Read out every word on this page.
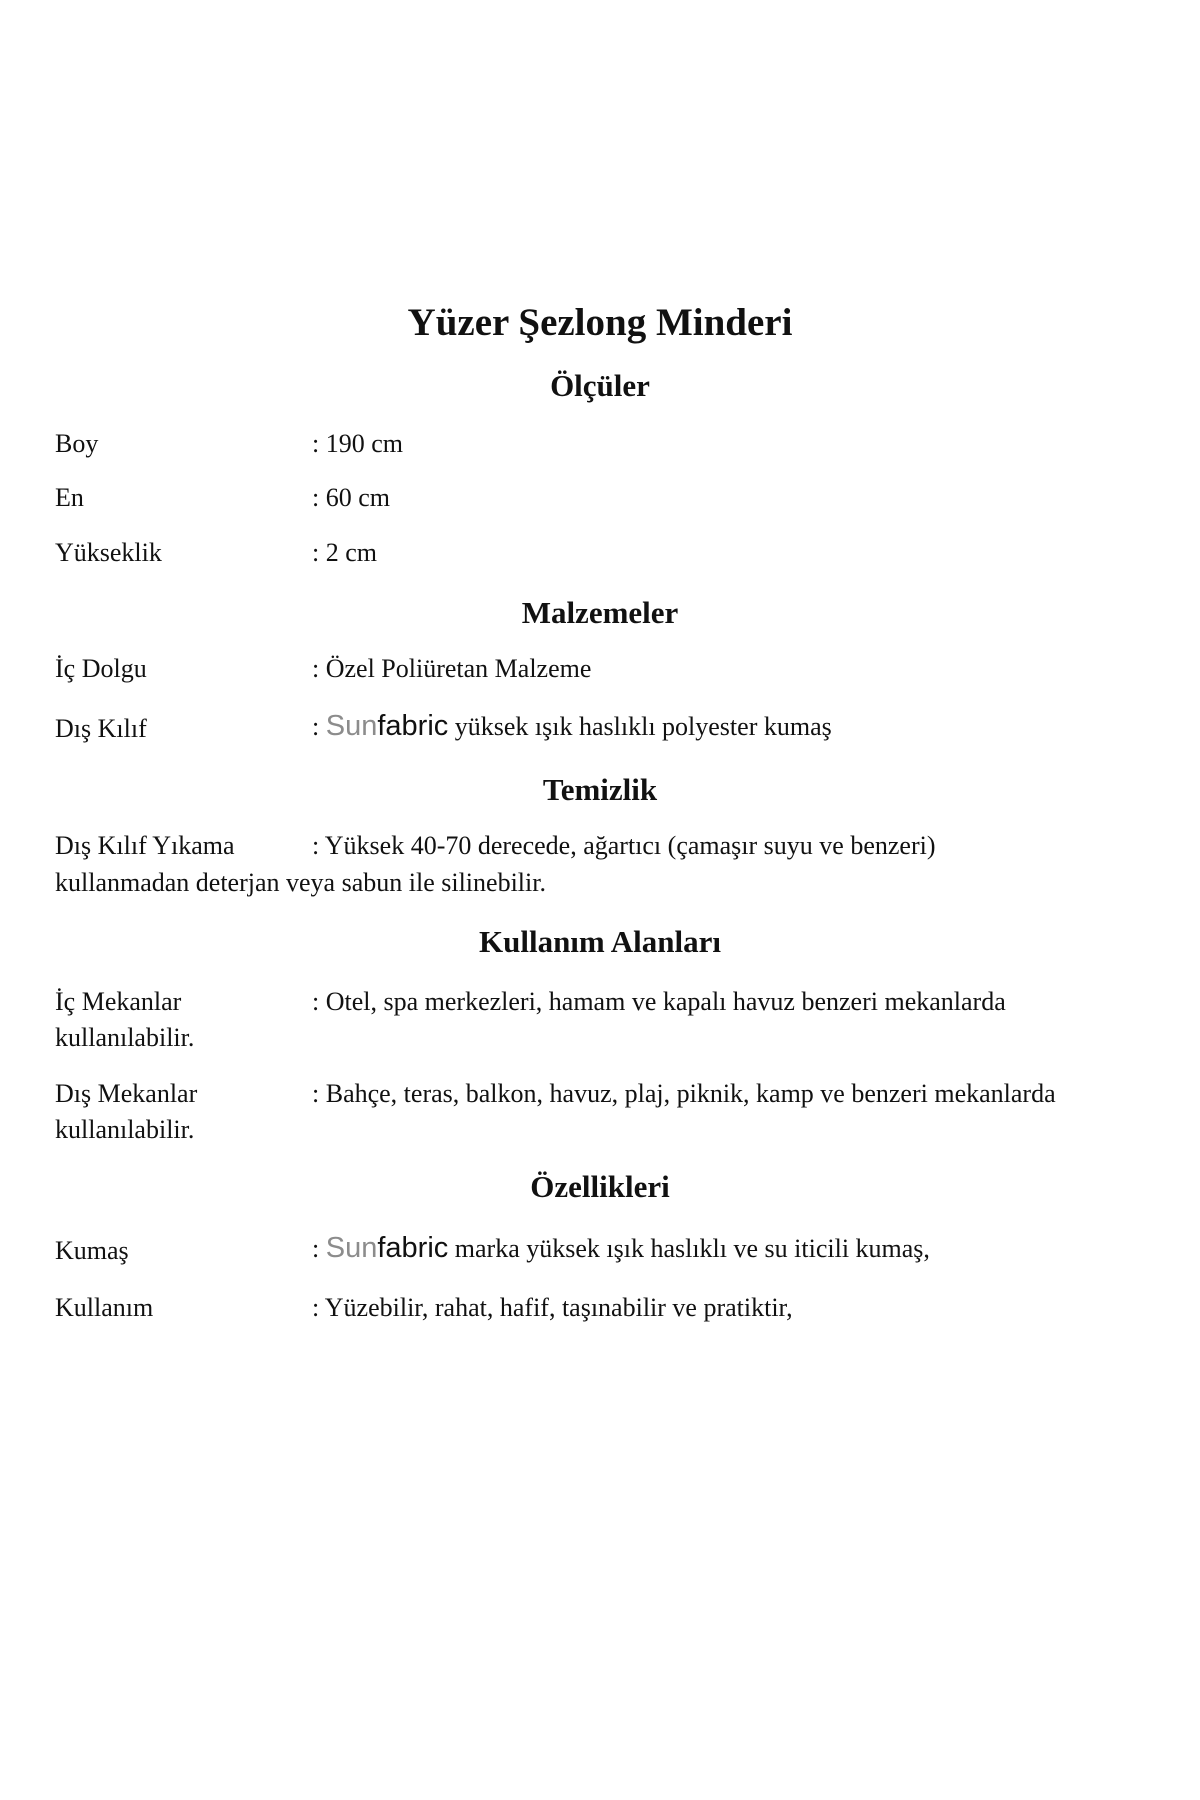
Yüzer Şezlong Minderi
Ölçüler
Boy	: 190 cm
En	: 60 cm
Yükseklik	: 2 cm
Malzemeler
İç Dolgu	: Özel Poliüretan Malzeme
Dış Kılıf	: Sunfabric yüksek ışık haslıklı polyester kumaş
Temizlik
Dış Kılıf Yıkama	: Yüksek 40-70 derecede, ağartıcı (çamaşır suyu ve benzeri)
kullanmadan deterjan veya sabun ile silinebilir.
Kullanım Alanları
İç Mekanlar	: Otel, spa merkezleri, hamam ve kapalı havuz benzeri mekanlarda
kullanılabilir.
Dış Mekanlar	: Bahçe, teras, balkon, havuz, plaj, piknik, kamp ve benzeri mekanlarda
kullanılabilir.
Özellikleri
Kumaş	: Sunfabric marka yüksek ışık haslıklı ve su iticili kumaş,
Kullanım	: Yüzebilir, rahat, hafif, taşınabilir ve pratiktir,
